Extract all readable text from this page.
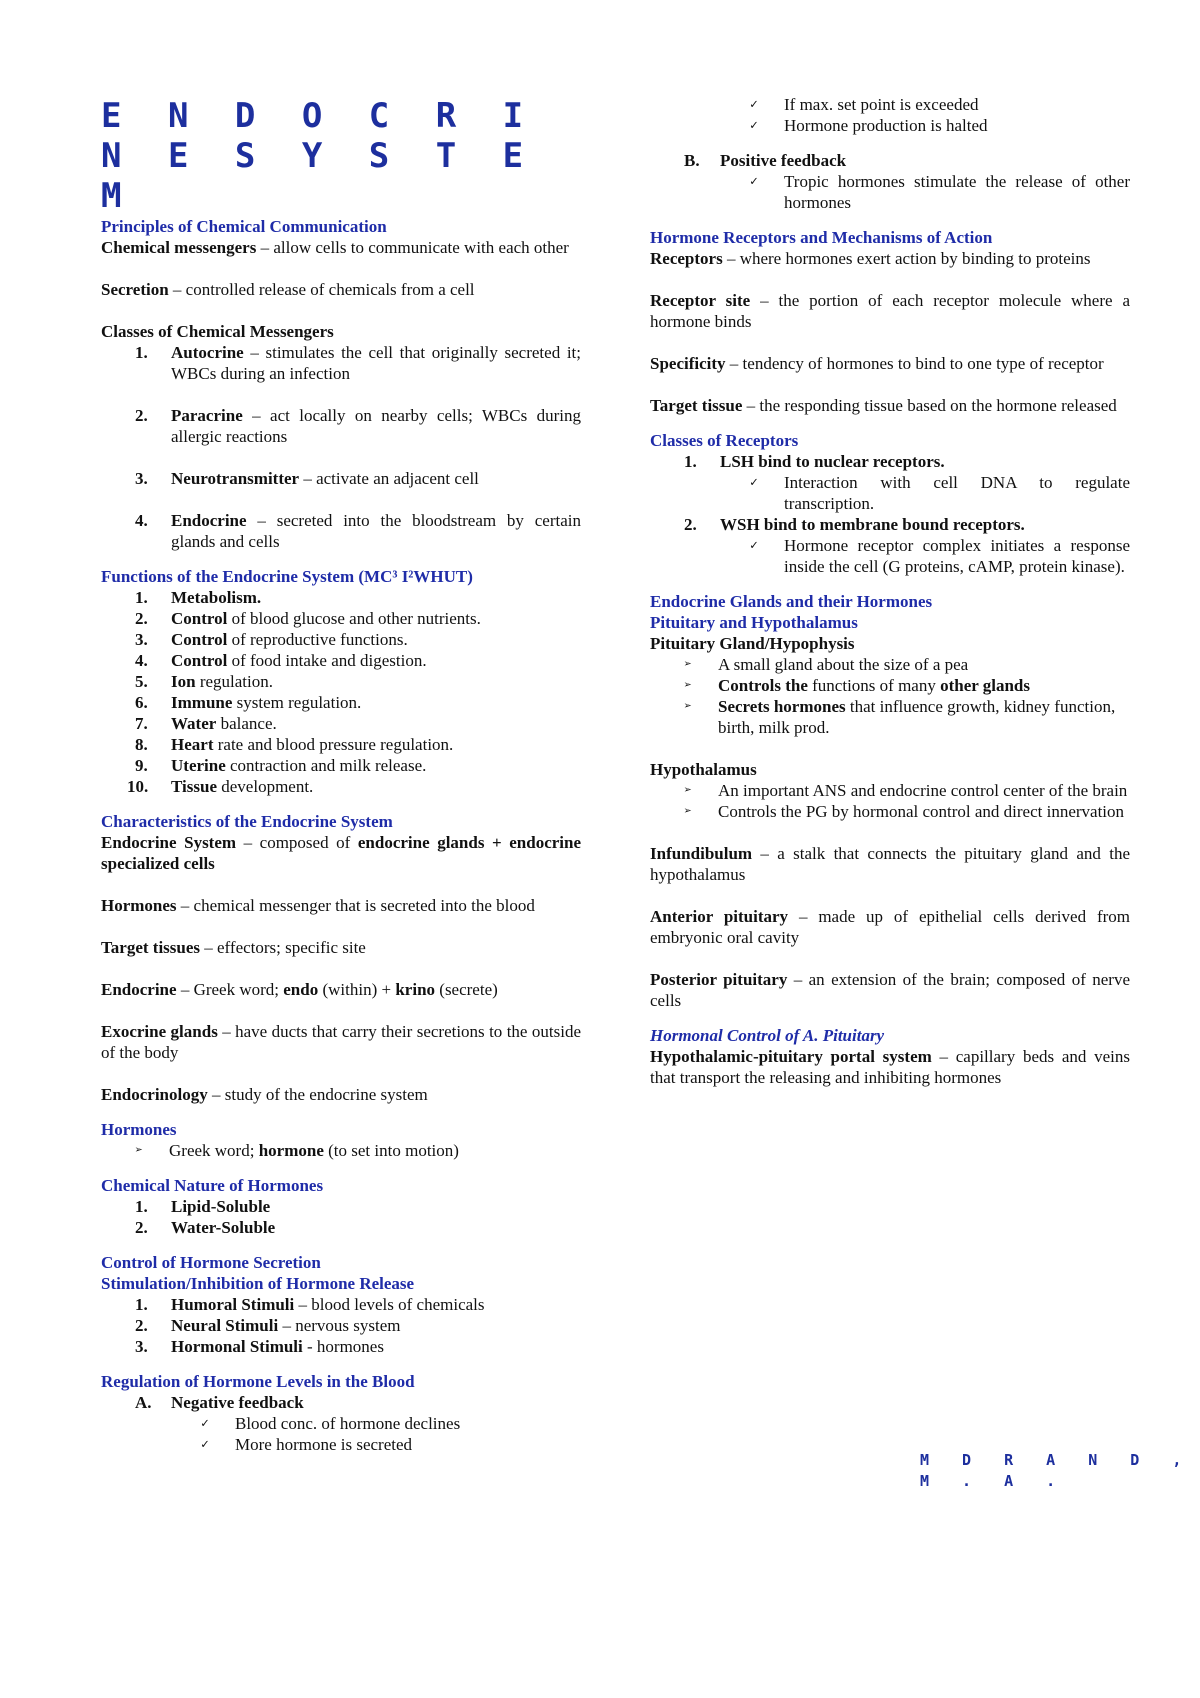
E N D O C R I N E S Y S T E M

Principles of Chemical Communication

Chemical messengers – allow cells to communicate with each other

Secretion – controlled release of chemicals from a cell

Classes of Chemical Messengers

1.	Autocrine – stimulates the cell that originally secreted it; WBCs during an infection
2.	Paracrine – act locally on nearby cells; WBCs during allergic reactions
3.	Neurotransmitter – activate an adjacent cell
4.	Endocrine – secreted into the bloodstream by certain glands and cells

Functions of the Endocrine System (MC³ I²WHUT)

1.	Metabolism.
2.	Control of blood glucose and other nutrients.
3.	Control of reproductive functions.
4.	Control of food intake and digestion.
5.	Ion regulation.
6.	Immune system regulation.
7.	Water balance.
8.	Heart rate and blood pressure regulation.
9.	Uterine contraction and milk release.
10.	Tissue development.

Characteristics of the Endocrine System

Endocrine System – composed of endocrine glands + endocrine specialized cells

Hormones – chemical messenger that is secreted into the blood

Target tissues – effectors; specific site

Endocrine – Greek word; endo (within) + krino (secrete)

Exocrine glands – have ducts that carry their secretions to the outside of the body

Endocrinology – study of the endocrine system

Hormones

➢	Greek word; hormone (to set into motion)

Chemical Nature of Hormones

1.	Lipid-Soluble
2.	Water-Soluble

Control of Hormone Secretion

Stimulation/Inhibition of Hormone Release

1.	Humoral Stimuli – blood levels of chemicals
2.	Neural Stimuli – nervous system
3.	Hormonal Stimuli - hormones

Regulation of Hormone Levels in the Blood

A.	Negative feedback
✓	Blood conc. of hormone declines
✓	More hormone is secreted
✓	If max. set point is exceeded
✓	Hormone production is halted
B.	Positive feedback
✓	Tropic hormones stimulate the release of other hormones

Hormone Receptors and Mechanisms of Action

Receptors – where hormones exert action by binding to proteins

Receptor site – the portion of each receptor molecule where a hormone binds

Specificity – tendency of hormones to bind to one type of receptor

Target tissue – the responding tissue based on the hormone released

Classes of Receptors

1.	LSH bind to nuclear receptors.
✓	Interaction with cell DNA to regulate transcription.
2.	WSH bind to membrane bound receptors.
✓	Hormone receptor complex initiates a response inside the cell (G proteins, cAMP, protein kinase).

Endocrine Glands and their Hormones

Pituitary and Hypothalamus

Pituitary Gland/Hypophysis

➢	A small gland about the size of a pea
➢	Controls the functions of many other glands
➢	Secrets hormones that influence growth, kidney function, birth, milk prod.

Hypothalamus

➢	An important ANS and endocrine control center of the brain
➢	Controls the PG by hormonal control and direct innervation

Infundibulum – a stalk that connects the pituitary gland and the hypothalamus

Anterior pituitary – made up of epithelial cells derived from embryonic oral cavity

Posterior pituitary – an extension of the brain; composed of nerve cells

Hormonal Control of A. Pituitary

Hypothalamic-pituitary portal system – capillary beds and veins that transport the releasing and inhibiting hormones

M D R A N D , M . A .
